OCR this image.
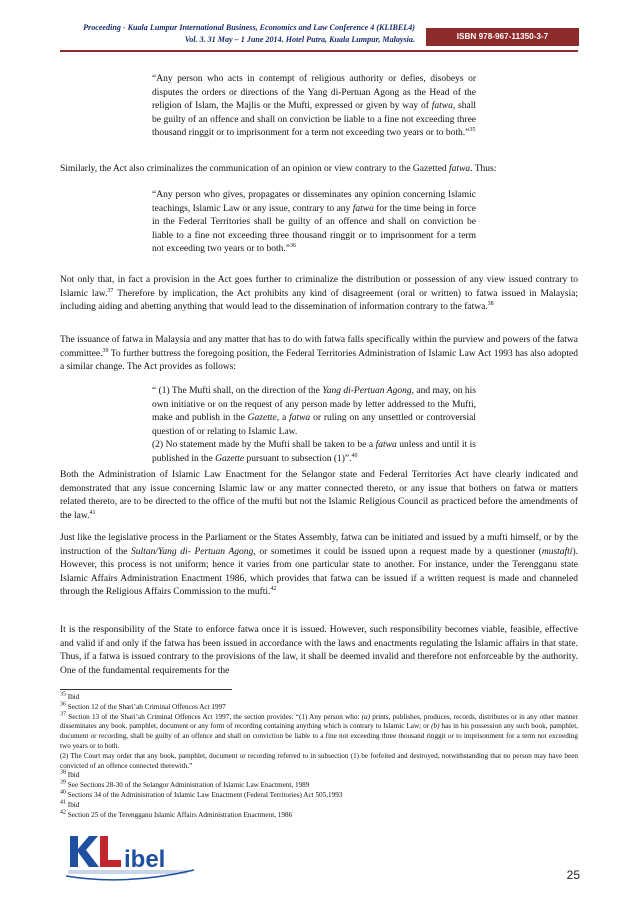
Proceeding - Kuala Lumpur International Business, Economics and Law Conference 4 (KLIBEL4)
Vol. 3. 31 May – 1 June 2014. Hotel Putra, Kuala Lumpur, Malaysia.	ISBN 978-967-11350-3-7
“Any person who acts in contempt of religious authority or defies, disobeys or disputes the orders or directions of the Yang di-Pertuan Agong as the Head of the religion of Islam, the Majlis or the Mufti, expressed or given by way of fatwa, shall be guilty of an offence and shall on conviction be liable to a fine not exceeding three thousand ringgit or to imprisonment for a term not exceeding two years or to both.”$^{35}$
Similarly, the Act also criminalizes the communication of an opinion or view contrary to the Gazetted fatwa. Thus:
“Any person who gives, propagates or disseminates any opinion concerning Islamic teachings, Islamic Law or any issue, contrary to any fatwa for the time being in force in the Federal Territories shall be guilty of an offence and shall on conviction be liable to a fine not exceeding three thousand ringgit or to imprisonment for a term not exceeding two years or to both.”$^{36}$
Not only that, in fact a provision in the Act goes further to criminalize the distribution or possession of any view issued contrary to Islamic law.$^{37}$ Therefore by implication, the Act prohibits any kind of disagreement (oral or written) to fatwa issued in Malaysia; including aiding and abetting anything that would lead to the dissemination of information contrary to the fatwa.$^{38}$
The issuance of fatwa in Malaysia and any matter that has to do with fatwa falls specifically within the purview and powers of the fatwa committee.$^{39}$ To further buttress the foregoing position, the Federal Territories Administration of Islamic Law Act 1993 has also adopted a similar change. The Act provides as follows:
“ (1) The Mufti shall, on the direction of the Yang di-Pertuan Agong, and may, on his own initiative or on the request of any person made by letter addressed to the Mufti, make and publish in the Gazette, a fatwa or ruling on any unsettled or controversial question of or relating to Islamic Law.
(2) No statement made by the Mufti shall be taken to be a fatwa unless and until it is published in the Gazette pursuant to subsection (1)”.$^{40}$
Both the Administration of Islamic Law Enactment for the Selangor state and Federal Territories Act have clearly indicated and demonstrated that any issue concerning Islamic law or any matter connected thereto, or any issue that bothers on fatwa or matters related thereto, are to be directed to the office of the mufti but not the Islamic Religious Council as practiced before the amendments of the law.$^{41}$
Just like the legislative process in the Parliament or the States Assembly, fatwa can be initiated and issued by a mufti himself, or by the instruction of the Sultan/Yang di- Pertuan Agong, or sometimes it could be issued upon a request made by a questioner (mustafti). However, this process is not uniform; hence it varies from one particular state to another. For instance, under the Terengganu state Islamic Affairs Administration Enactment 1986, which provides that fatwa can be issued if a written request is made and channeled through the Religious Affairs Commission to the mufti.$^{42}$
It is the responsibility of the State to enforce fatwa once it is issued. However, such responsibility becomes viable, feasible, effective and valid if and only if the fatwa has been issued in accordance with the laws and enactments regulating the Islamic affairs in that state. Thus, if a fatwa is issued contrary to the provisions of the law, it shall be deemed invalid and therefore not enforceable by the authority. One of the fundamental requirements for the
$^{35}$ Ibid
$^{36}$ Section 12 of the Shari’ah Criminal Offences Act 1997
$^{37}$ Section 13 of the Shari’ah Criminal Offences Act 1997, the section provides: “(1) Any person who: (a) prints, publishes, produces, records, distributes or in any other manner disseminates any book, pamphlet, document or any form of recording containing anything which is contrary to Islamic Law; or (b) has in his possession any such book, pamphlet, document or recording, shall be guilty of an offence and shall on conviction be liable to a fine not exceeding three thousand ringgit or to imprisonment for a term not exceeding two years or to both.
(2) The Court may order that any book, pamphlet, document or recording referred to in subsection (1) be forfeited and destroyed, notwithstanding that no person may have been convicted of an offence connected therewith.”
$^{38}$ Ibid
$^{39}$ See Sections 28-30 of the Selangor Administration of Islamic Law Enactment, 1989
$^{40}$ Sections 34 of the Administration of Islamic Law Enactment (Federal Territories) Act 505,1993
$^{41}$ Ibid
$^{42}$ Section 25 of the Terengganu Islamic Affairs Administration Enactment, 1986
ibel
25
